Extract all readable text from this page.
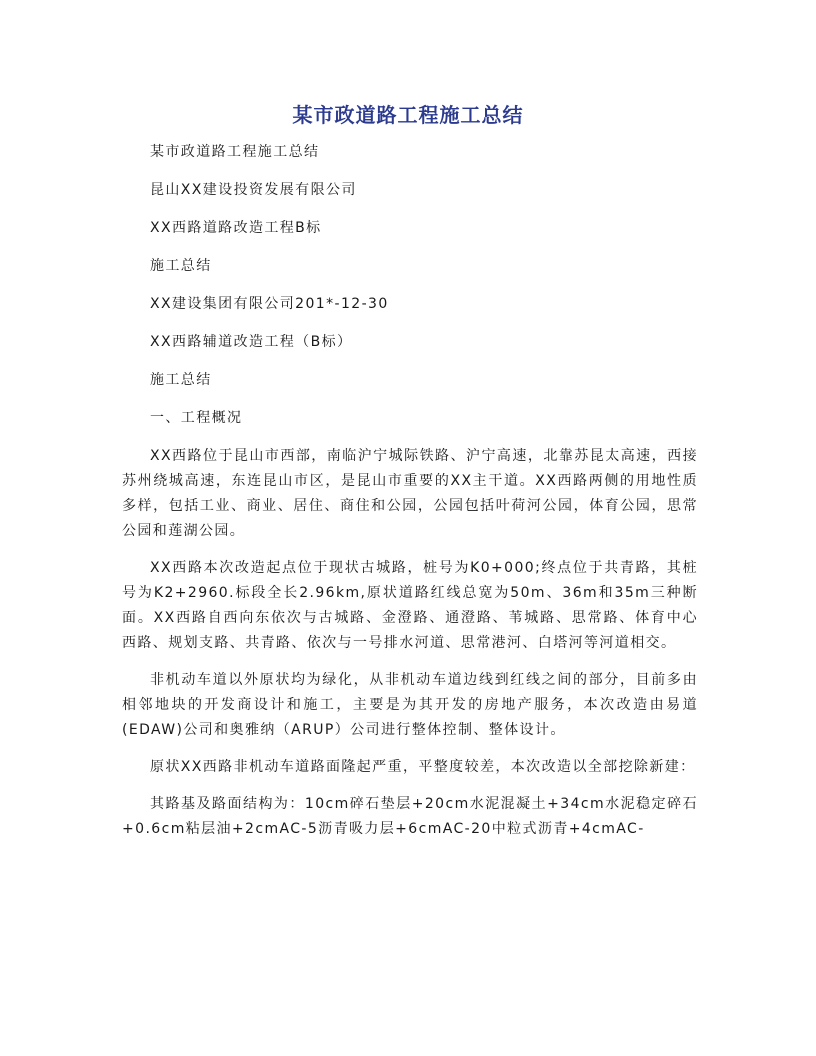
某市政道路工程施工总结

某市政道路工程施工总结

昆山XX建设投资发展有限公司

XX西路道路改造工程B标

施工总结

XX建设集团有限公司201*-12-30

XX西路辅道改造工程（B标）

施工总结

一、工程概况

XX西路位于昆山市西部，南临沪宁城际铁路、沪宁高速，北靠苏昆太高速，西接苏州绕城高速，东连昆山市区，是昆山市重要的XX主干道。XX西路两侧的用地性质多样，包括工业、商业、居住、商住和公园，公园包括叶荷河公园，体育公园，思常公园和莲湖公园。

XX西路本次改造起点位于现状古城路，桩号为K0+000;终点位于共青路，其桩号为K2+2960.标段全长2.96km,原状道路红线总宽为50m、36m和35m三种断面。XX西路自西向东依次与古城路、金澄路、通澄路、苇城路、思常路、体育中心西路、规划支路、共青路、依次与一号排水河道、思常港河、白塔河等河道相交。

非机动车道以外原状均为绿化，从非机动车道边线到红线之间的部分，目前多由相邻地块的开发商设计和施工，主要是为其开发的房地产服务，本次改造由易道(EDAW)公司和奥雅纳（ARUP）公司进行整体控制、整体设计。

原状XX西路非机动车道路面隆起严重，平整度较差，本次改造以全部挖除新建：

其路基及路面结构为：10cm碎石垫层+20cm水泥混凝土+34cm水泥稳定碎石+0.6cm粘层油+2cmAC-5沥青吸力层+6cmAC-20中粒式沥青+4cmAC-
